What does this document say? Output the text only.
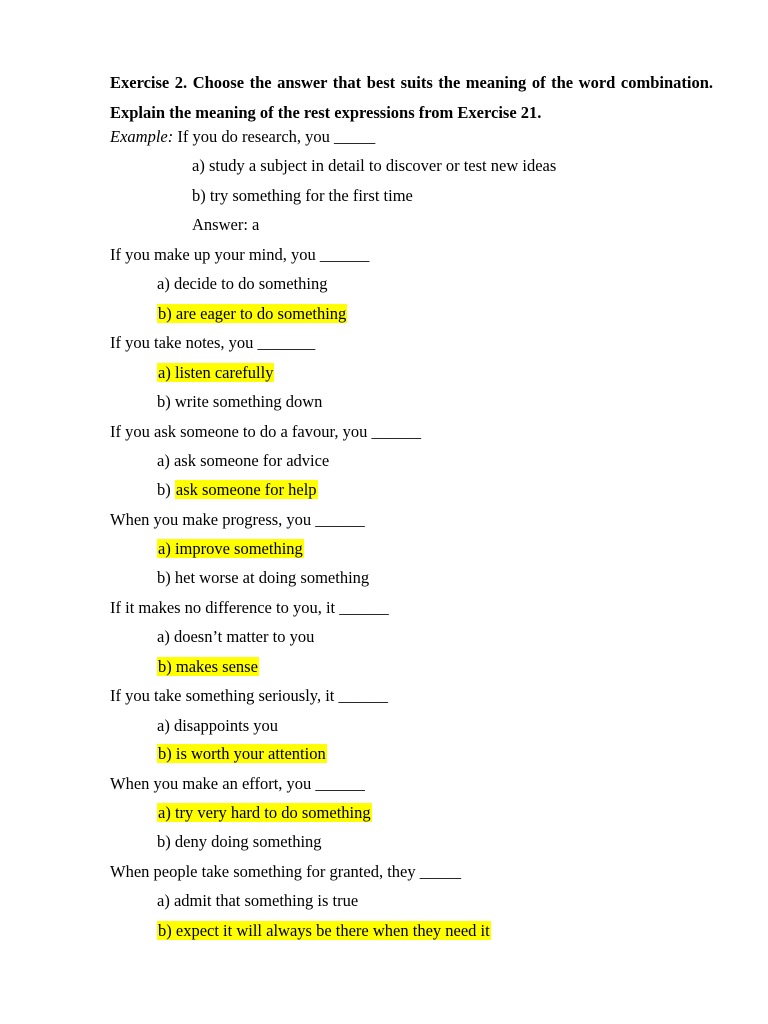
Exercise 2. Choose the answer that best suits the meaning of the word combination. Explain the meaning of the rest expressions from Exercise 21.
Example: If you do research, you _____
a) study a subject in detail to discover or test new ideas
b) try something for the first time
Answer: a
If you make up your mind, you ______
a) decide to do something
b) are eager to do something
If you take notes, you _______
a) listen carefully
b) write something down
If you ask someone to do a favour, you ______
a) ask someone for advice
b) ask someone for help
When you make progress, you ______
a) improve something
b) het worse at doing something
If it makes no difference to you, it ______
a) doesn’t matter to you
b) makes sense
If you take something seriously, it ______
a) disappoints you
b) is worth your attention
When you make an effort, you ______
a) try very hard to do something
b) deny doing something
When people take something for granted, they _____
a) admit that something is true
b) expect it will always be there when they need it
